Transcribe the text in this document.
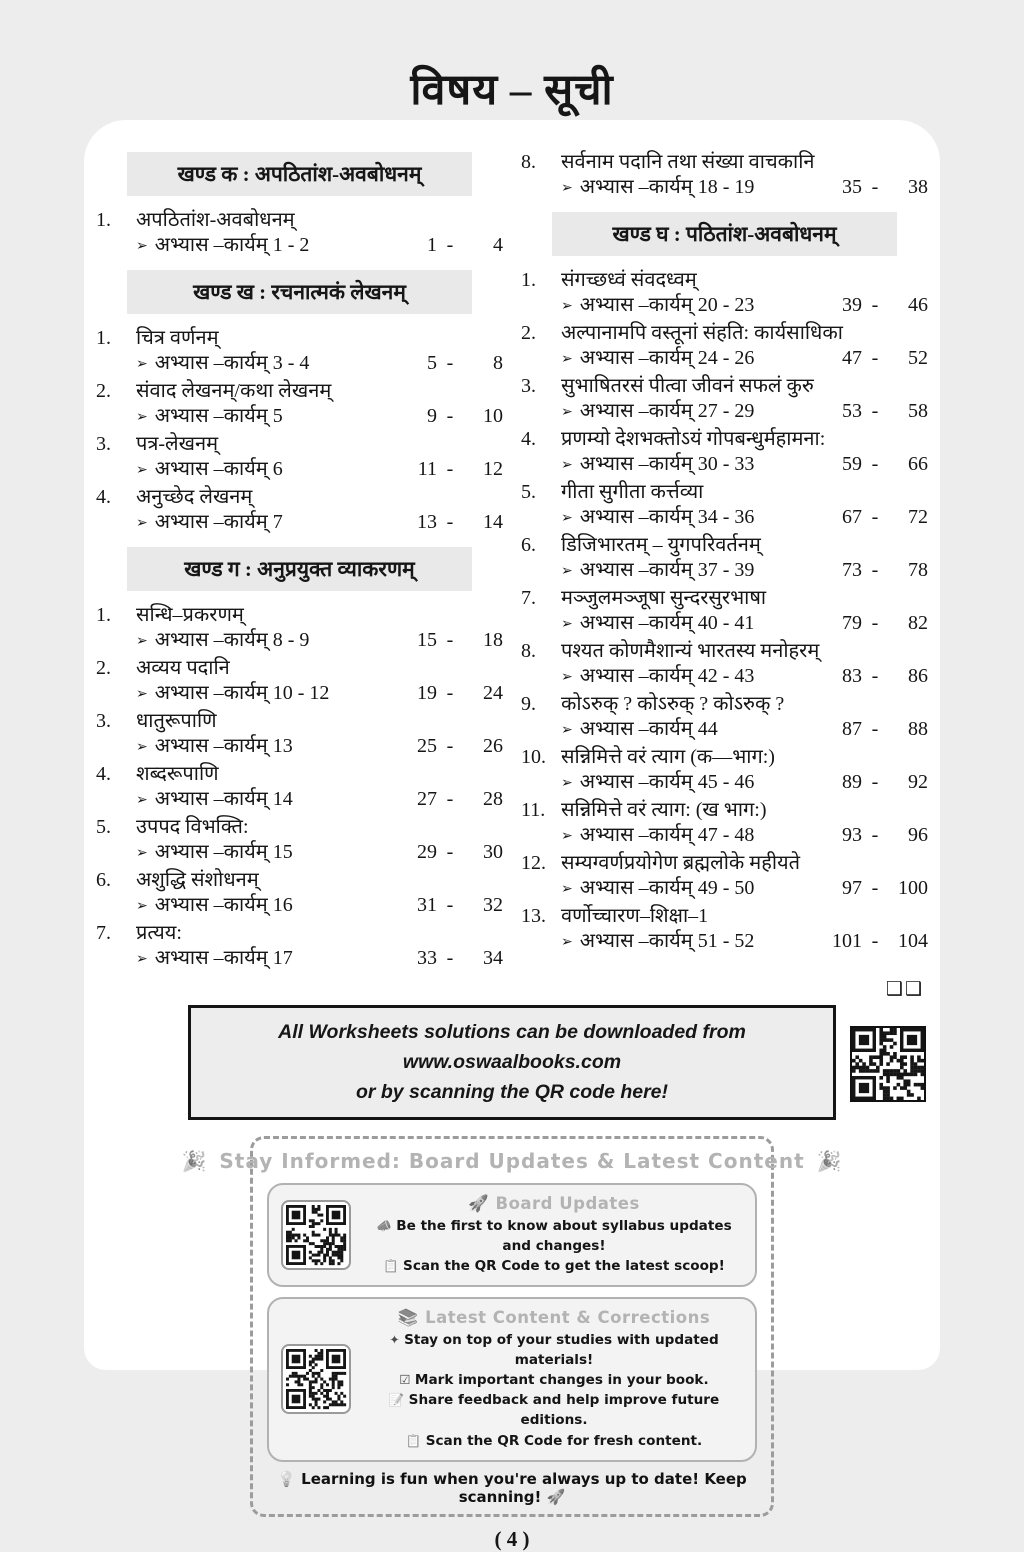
विषय – सूची
खण्ड क : अपठितांश-अवबोधनम्
1.	अपठितांश-अवबोधनम्
➢ अभ्यास –कार्यम् 1 - 2	1 -	4
खण्ड ख : रचनात्मकं लेखनम्
1.	चित्र वर्णनम्
➢ अभ्यास –कार्यम् 3 - 4	5 -	8
2.	संवाद लेखनम्/कथा लेखनम्
➢ अभ्यास –कार्यम् 5	9 -	10
3.	पत्र-लेखनम्
➢ अभ्यास –कार्यम् 6	11 -	12
4.	अनुच्छेद लेखनम्
➢ अभ्यास –कार्यम् 7	13 -	14
खण्ड ग : अनुप्रयुक्त व्याकरणम्
1.	सन्धि–प्रकरणम्
➢ अभ्यास –कार्यम् 8 - 9	15 -	18
2.	अव्यय पदानि
➢ अभ्यास –कार्यम् 10 - 12	19 -	24
3.	धातुरूपाणि
➢ अभ्यास –कार्यम् 13	25 -	26
4.	शब्दरूपाणि
➢ अभ्यास –कार्यम् 14	27 -	28
5.	उपपद विभक्ति:
➢ अभ्यास –कार्यम् 15	29 -	30
6.	अशुद्धि संशोधनम्
➢ अभ्यास –कार्यम् 16	31 -	32
7.	प्रत्यय:
➢ अभ्यास –कार्यम् 17	33 -	34
8.	सर्वनाम पदानि तथा संख्या वाचकानि
➢ अभ्यास –कार्यम् 18 - 19	35 -	38
खण्ड घ : पठितांश-अवबोधनम्
1.	संगच्छध्वं संवदध्वम्
➢ अभ्यास –कार्यम् 20 - 23	39 -	46
2.	अल्पानामपि वस्तूनां संहति: कार्यसाधिका
➢ अभ्यास –कार्यम् 24 - 26	47 -	52
3.	सुभाषितरसं पीत्वा जीवनं सफलं कुरु
➢ अभ्यास –कार्यम् 27 - 29	53 -	58
4.	प्रणम्यो देशभक्तोऽयं गोपबन्धुर्महामना:
➢ अभ्यास –कार्यम् 30 - 33	59 -	66
5.	गीता सुगीता कर्त्तव्या
➢ अभ्यास –कार्यम् 34 - 36	67 -	72
6.	डिजिभारतम् – युगपरिवर्तनम्
➢ अभ्यास –कार्यम् 37 - 39	73 -	78
7.	मञ्जुलमञ्जूषा सुन्दरसुरभाषा
➢ अभ्यास –कार्यम् 40 - 41	79 -	82
8.	पश्यत कोणमैशान्यं भारतस्य मनोहरम्
➢ अभ्यास –कार्यम् 42 - 43	83 -	86
9.	कोऽरुक् ? कोऽरुक् ? कोऽरुक् ?
➢ अभ्यास –कार्यम् 44	87 -	88
10. सन्निमित्ते वरं त्याग (क—भाग:)
➢ अभ्यास –कार्यम् 45 - 46	89 -	92
11. सन्निमित्ते वरं त्याग: (ख भाग:)
➢ अभ्यास –कार्यम् 47 - 48	93 -	96
12. सम्यग्वर्णप्रयोगेण ब्रह्मलोके महीयते
➢ अभ्यास –कार्यम् 49 - 50	97 - 100
13. वर्णोच्चारण–शिक्षा–1
➢ अभ्यास –कार्यम् 51 - 52	101 - 104
❑❑
All Worksheets solutions can be downloaded from www.oswaalbooks.com
or by scanning the QR code here!
🎉 Stay Informed: Board Updates & Latest Content 🎉
🚀 Board Updates
📣 Be the first to know about syllabus updates and changes!
📋 Scan the QR Code to get the latest scoop!
📚 Latest Content & Corrections
✦ Stay on top of your studies with updated materials!
☑ Mark important changes in your book.
📝 Share feedback and help improve future editions.
📋 Scan the QR Code for fresh content.
💡 Learning is fun when you're always up to date! Keep scanning! 🚀
( 4 )
